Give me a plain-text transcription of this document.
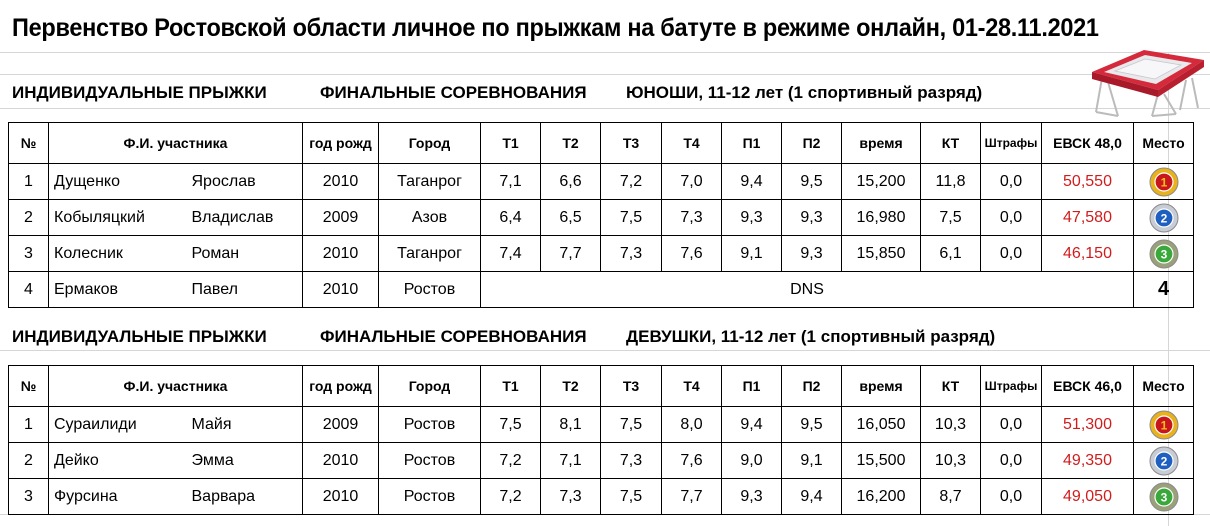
Первенство Ростовской области личное по прыжкам на батуте в режиме онлайн, 01-28.11.2021
ИНДИВИДУАЛЬНЫЕ ПРЫЖКИ	ФИНАЛЬНЫЕ СОРЕВНОВАНИЯ ЮНОШИ, 11-12 лет (1 спортивный разряд)
№	Ф.И. участника		год рожд	Город	Т1	Т2	Т3	Т4	П1	П2	время	КТ	Штрафы	ЕВСК 48,0	Место
1	Дущенко	Ярослав	2010	Таганрог	7,1	6,6	7,2	7,0	9,4	9,5	15,200	11,8	0,0	50,550	1

2	Кобыляцкий	Владислав	2009	Азов	6,4	6,5	7,5	7,3	9,3	9,3	16,980	7,5	0,0	47,580	2

3	Колесник	Роман	2010	Таганрог	7,4	7,7	7,3	7,6	9,1	9,3	15,850	6,1	0,0	46,150	3

4	Ермаков	Павел	2010	Ростов	DNS										4
ИНДИВИДУАЛЬНЫЕ ПРЫЖКИ	ФИНАЛЬНЫЕ СОРЕВНОВАНИЯ ДЕВУШКИ, 11-12 лет (1 спортивный разряд)
№	Ф.И. участника		год рожд	Город	Т1	Т2	Т3	Т4	П1	П2	время	КТ	Штрафы	ЕВСК 46,0	Место
1	Сураилиди	Майя	2009	Ростов	7,5	8,1	7,5	8,0	9,4	9,5	16,050	10,3	0,0	51,300	1

2	Дейко	Эмма	2010	Ростов	7,2	7,1	7,3	7,6	9,0	9,1	15,500	10,3	0,0	49,350	2

3	Фурсина	Варвара	2010	Ростов	7,2	7,3	7,5	7,7	9,3	9,4	16,200	8,7	0,0	49,050	3
